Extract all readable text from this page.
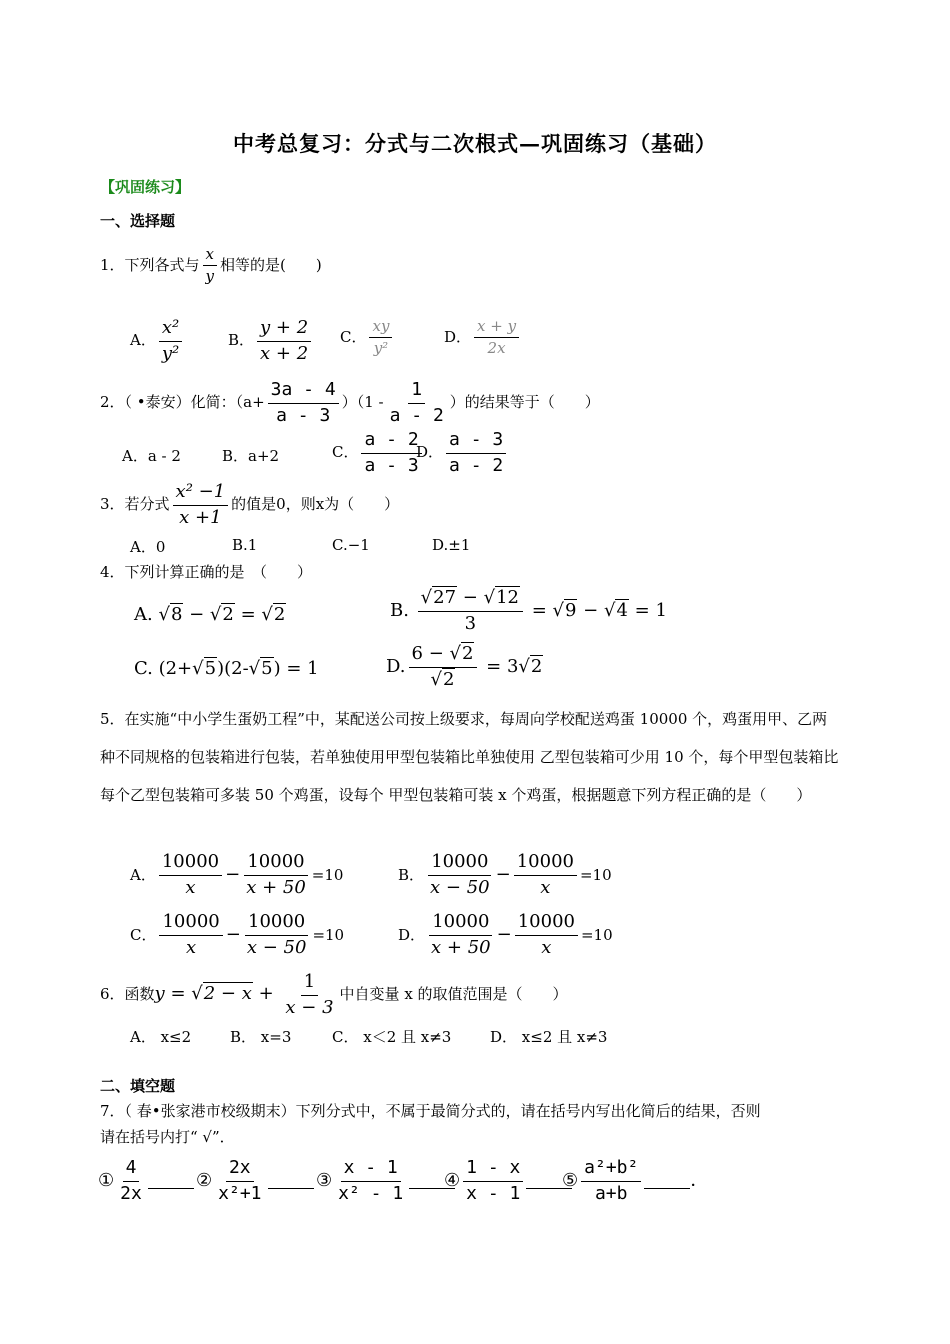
中考总复习：分式与二次根式—巩固练习（基础）
【巩固练习】
一、选择题
1．下列各式与 $\frac{x}{y}$ 相等的是(　　)
A． $\frac{\text{x²}}{\text{y²}}$	B． $\frac{y + 2}{x + 2}$ C． $\frac{xy}{\text{y²}}$	D． $\frac{x + y}{2x}$
2．（ •泰安）化简：$(a+ \frac{3a - 4}{a - 3} )(1 - \frac{1}{a - 2}$ ）的结果等于（　　）
A．a - 2	B．a+2	C． $\frac{a - 2}{a - 3}$
D． $\frac{a - 3}{a - 2}$
3．若分式 $\frac{\text{x² −1}}{x +1}$ 的值是0，则x为（　　）
A．0	B.1	C.−1	D.±1
4．下列计算正确的是　（　　）
A. √8 − √2 = √2	B. $\frac{√27 - √12}{3} = √9 - √4 = 1$
C. (2+√5)(2-√5) = 1	D. $\frac{6 - √2}{√2} = 3√2$
5．在实施“中小学生蛋奶工程”中，某配送公司按上级要求，每周向学校配送鸡蛋 10000 个，鸡蛋用甲、乙两种不同规格的包装箱进行包装，若单独使用甲型包装箱比单独使用 乙型包装箱可少用 10 个，每个甲型包装箱比每个乙型包装箱可多装 50 个鸡蛋，设每个 甲型包装箱可装 x 个鸡蛋，根据题意下列方程正确的是（　　）
A． $\frac{10000}{x} - \frac{10000}{x + 50} =10$	B． $\frac{10000}{x - 50} - \frac{10000}{x} =10$
C． $\frac{10000}{x} - \frac{10000}{x - 50} =10$	D． $\frac{10000}{x + 50} - \frac{10000}{x} =10$
6．函数$y = √2 - x + \frac{1}{x - 3}$ 中自变量 x 的取值范围是（　　）
A． x≤2	B． x=3	C． x＜2 且 x≠3	D． x≤2 且 x≠3
二、填空题
7．（ 春•张家港市校级期末）下列分式中，不属于最简分式的，请在括号内写出化简后的结果，否则
请在括号内打“ √”．
① $\frac{4}{2x}$	② $\frac{2x}{\text{x²+1}}$	③ $\frac{x - 1}{\text{x² - 1}}$ ④ $\frac{1 - x}{x - 1}$ ⑤ $\frac{\text{a²+b²}}{a+b}$	．
